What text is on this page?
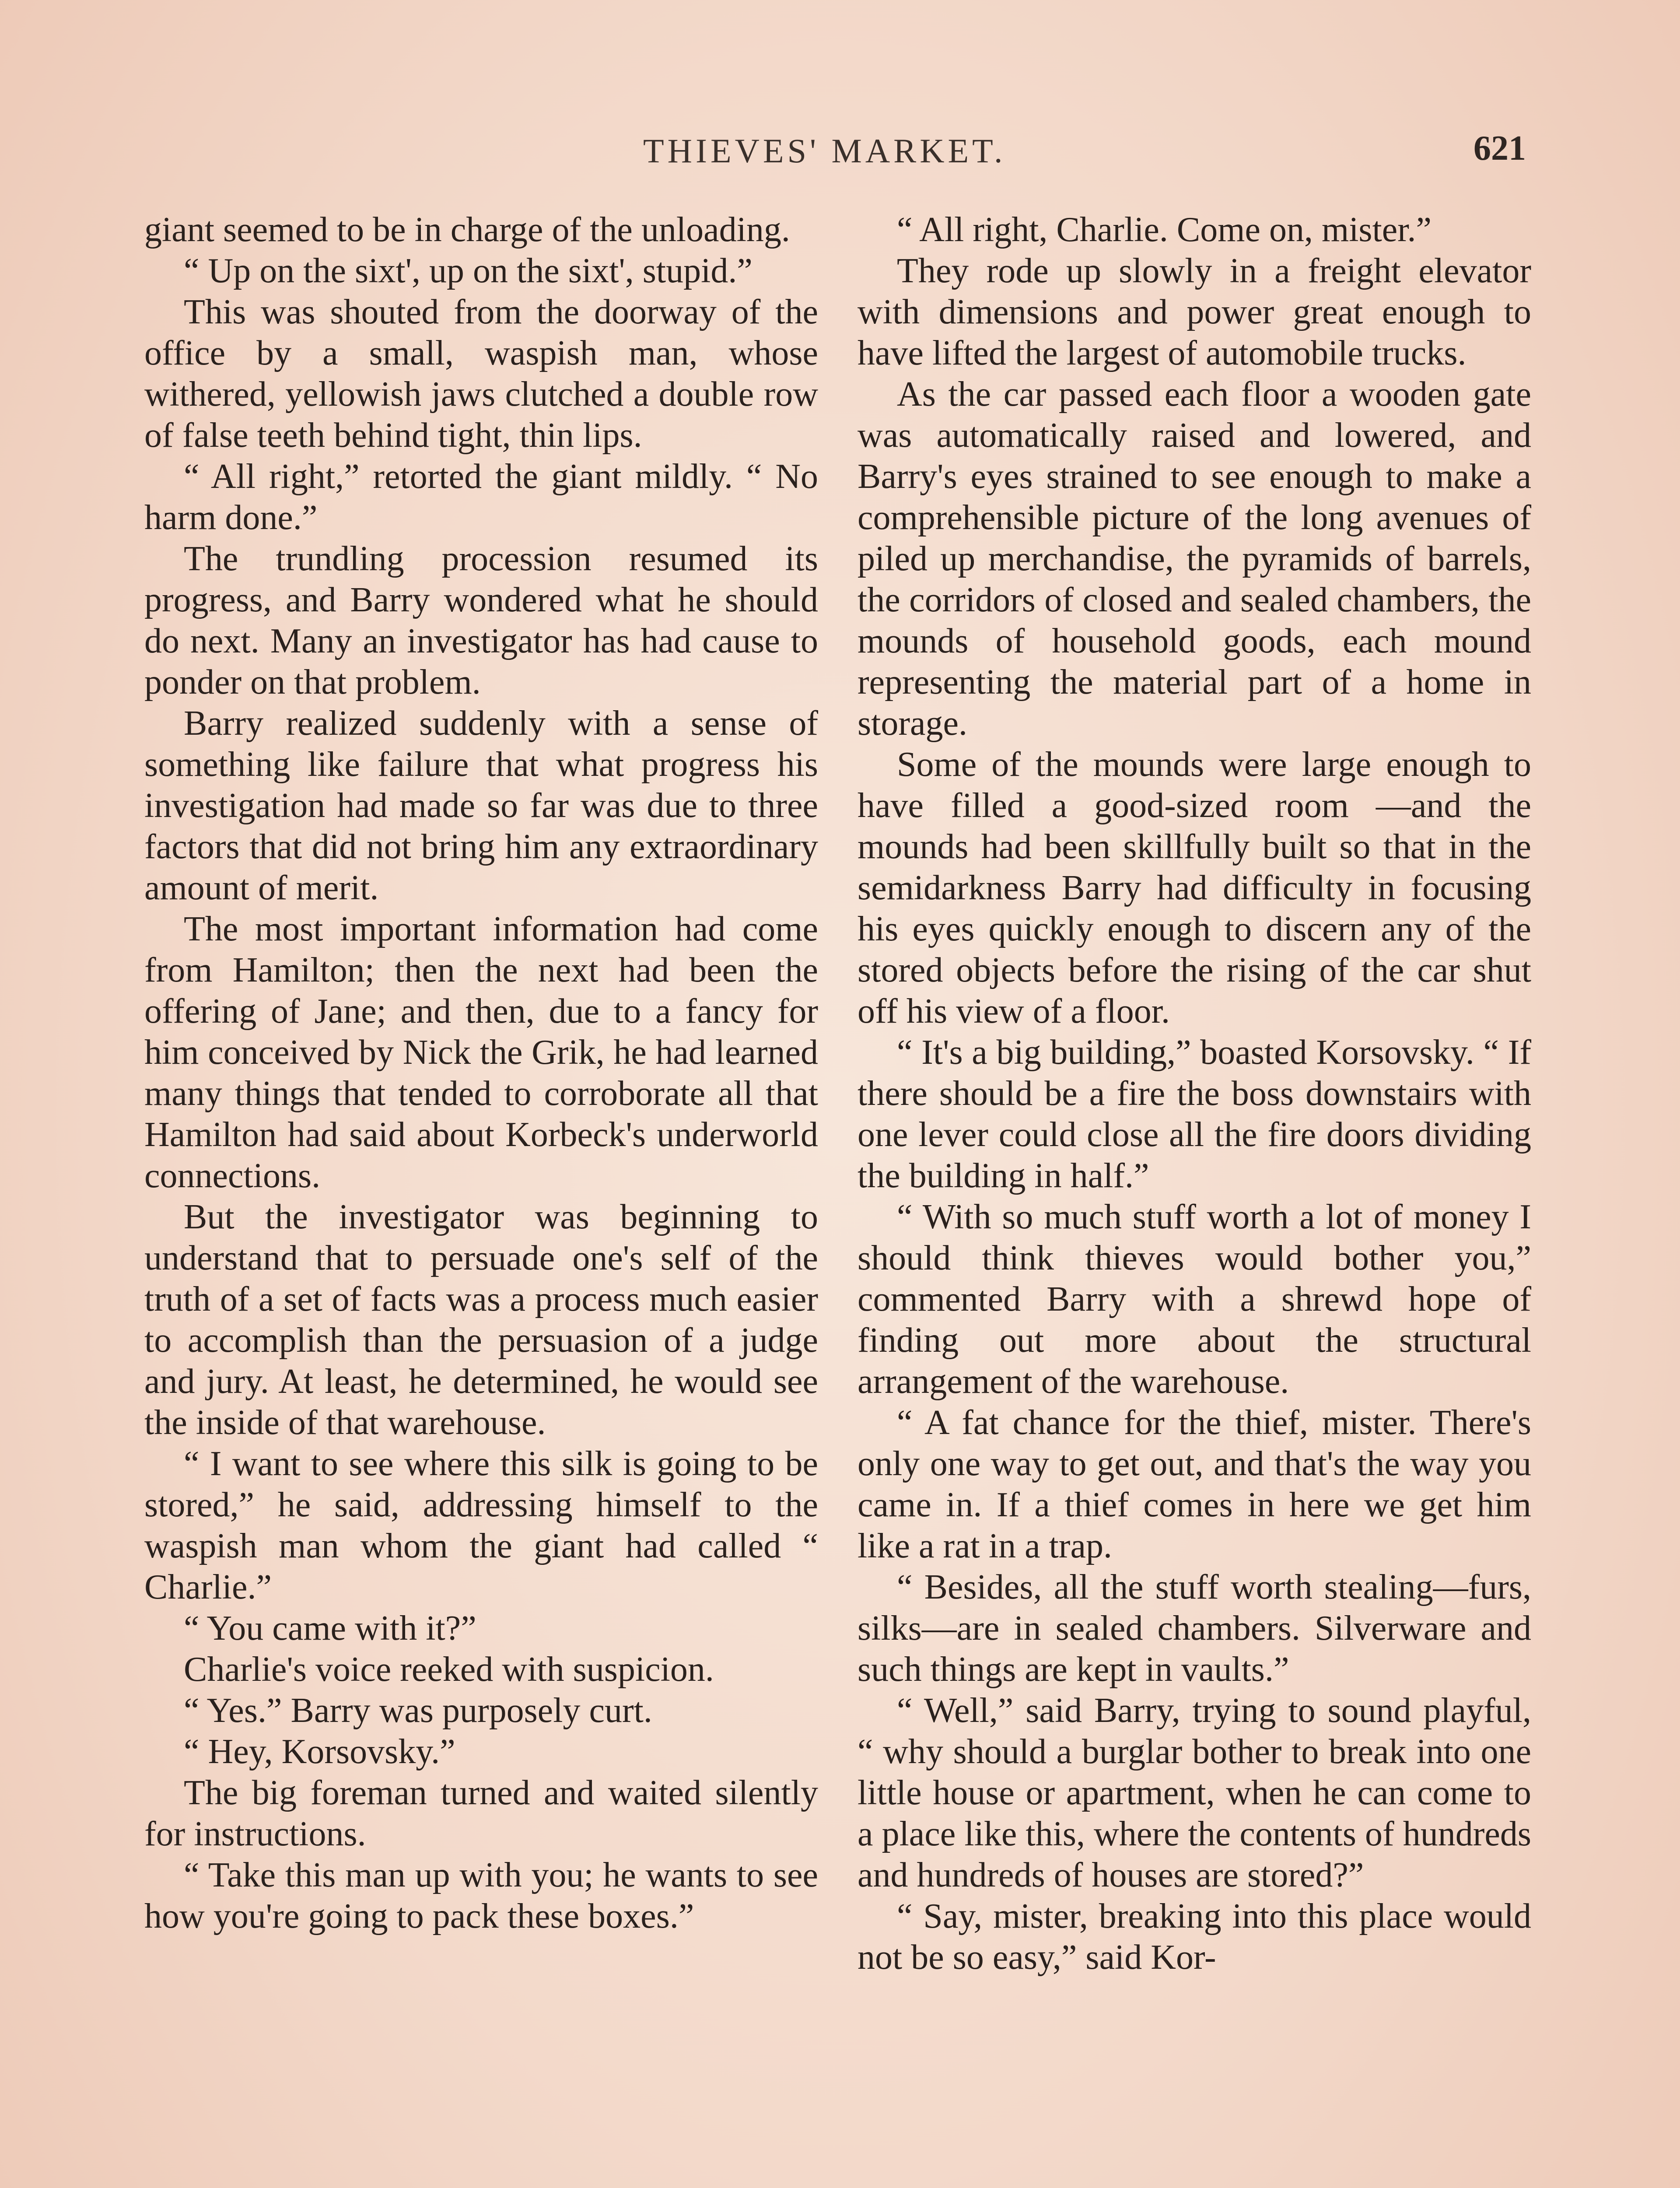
THIEVES' MARKET.	621

giant seemed to be in charge of the unloading.

“ Up on the sixt', up on the sixt', stupid.”

This was shouted from the doorway of the office by a small, waspish man, whose withered, yellowish jaws clutched a double row of false teeth behind tight, thin lips.

“ All right,” retorted the giant mildly. “ No harm done.”

The trundling procession resumed its progress, and Barry wondered what he should do next. Many an investigator has had cause to ponder on that problem.

Barry realized suddenly with a sense of something like failure that what progress his investigation had made so far was due to three factors that did not bring him any extraordinary amount of merit.

The most important information had come from Hamilton; then the next had been the offering of Jane; and then, due to a fancy for him conceived by Nick the Grik, he had learned many things that tended to corroborate all that Hamilton had said about Korbeck's underworld connections.

But the investigator was beginning to understand that to persuade one's self of the truth of a set of facts was a process much easier to accomplish than the persuasion of a judge and jury. At least, he determined, he would see the inside of that warehouse.

“ I want to see where this silk is going to be stored,” he said, addressing himself to the waspish man whom the giant had called “ Charlie.”

“ You came with it?”

Charlie's voice reeked with suspicion.

“ Yes.” Barry was purposely curt.

“ Hey, Korsovsky.”

The big foreman turned and waited silently for instructions.

“ Take this man up with you; he wants to see how you're going to pack these boxes.”

“ All right, Charlie. Come on, mister.”

They rode up slowly in a freight elevator with dimensions and power great enough to have lifted the largest of automobile trucks.

As the car passed each floor a wooden gate was automatically raised and lowered, and Barry's eyes strained to see enough to make a comprehensible picture of the long avenues of piled up merchandise, the pyramids of barrels, the corridors of closed and sealed chambers, the mounds of household goods, each mound representing the material part of a home in storage.

Some of the mounds were large enough to have filled a good-sized room —and the mounds had been skillfully built so that in the semidarkness Barry had difficulty in focusing his eyes quickly enough to discern any of the stored objects before the rising of the car shut off his view of a floor.

“ It's a big building,” boasted Korsovsky. “ If there should be a fire the boss downstairs with one lever could close all the fire doors dividing the building in half.”

“ With so much stuff worth a lot of money I should think thieves would bother you,” commented Barry with a shrewd hope of finding out more about the structural arrangement of the warehouse.

“ A fat chance for the thief, mister. There's only one way to get out, and that's the way you came in. If a thief comes in here we get him like a rat in a trap.

“ Besides, all the stuff worth stealing—furs, silks—are in sealed chambers. Silverware and such things are kept in vaults.”

“ Well,” said Barry, trying to sound playful, “ why should a burglar bother to break into one little house or apartment, when he can come to a place like this, where the contents of hundreds and hundreds of houses are stored?”

“ Say, mister, breaking into this place would not be so easy,” said Kor-
